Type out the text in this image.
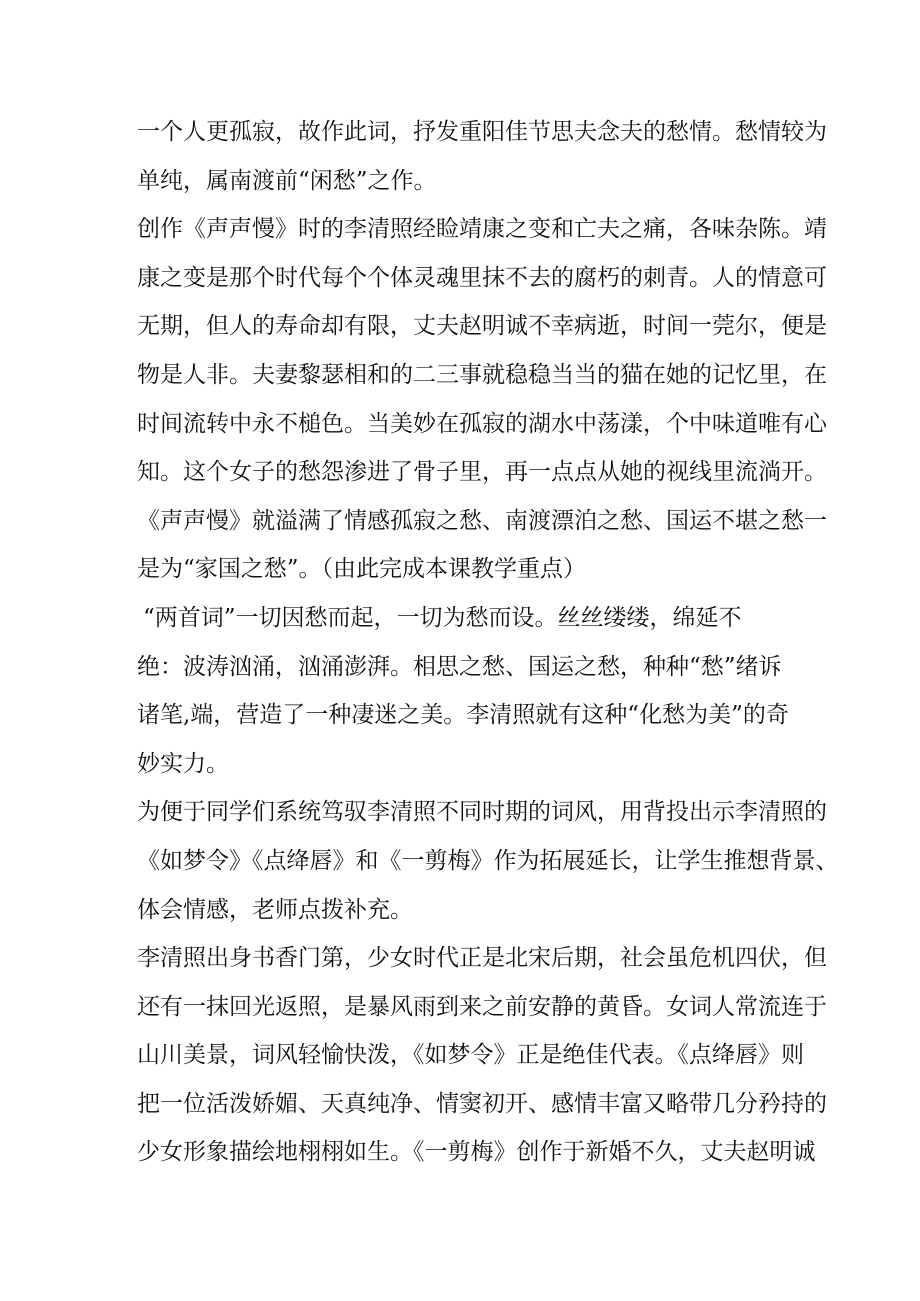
一个人更孤寂，故作此词，抒发重阳佳节思夫念夫的愁情。愁情较为
单纯，属南渡前“闲愁”之作。
创作《声声慢》时的李清照经睑靖康之变和亡夫之痛，各味杂陈。靖
康之变是那个时代每个个体灵魂里抹不去的腐朽的刺青。人的情意可
无期，但人的寿命却有限，丈夫赵明诚不幸病逝，时间一莞尔，便是
物是人非。夫妻黎瑟相和的二三事就稳稳当当的猫在她的记忆里，在
时间流转中永不槌色。当美妙在孤寂的湖水中荡漾，个中味道唯有心
知。这个女子的愁怨渗进了骨子里，再一点点从她的视线里流淌开。
《声声慢》就溢满了情感孤寂之愁、南渡漂泊之愁、国运不堪之愁一
是为“家国之愁”。（由此完成本课教学重点）
“两首词”一切因愁而起，一切为愁而设。丝丝缕缕，绵延不
绝：波涛汹涌，汹涌澎湃。相思之愁、国运之愁，种种“愁”绪诉
诸笔,端，营造了一种凄迷之美。李清照就有这种“化愁为美”的奇
妙实力。
为便于同学们系统笃驭李清照不同时期的词风，用背投出示李清照的
《如梦令》《点绛唇》和《一剪梅》作为拓展延长，让学生推想背景、
体会情感，老师点拨补充。
李清照出身书香门第，少女时代正是北宋后期，社会虽危机四伏，但
还有一抹回光返照，是暴风雨到来之前安静的黄昏。女词人常流连于
山川美景，词风轻愉快泼，《如梦令》正是绝佳代表。《点绛唇》则
把一位活泼娇媚、天真纯净、情窦初开、感情丰富又略带几分矜持的
少女形象描绘地栩栩如生。《一剪梅》创作于新婚不久，丈夫赵明诚
